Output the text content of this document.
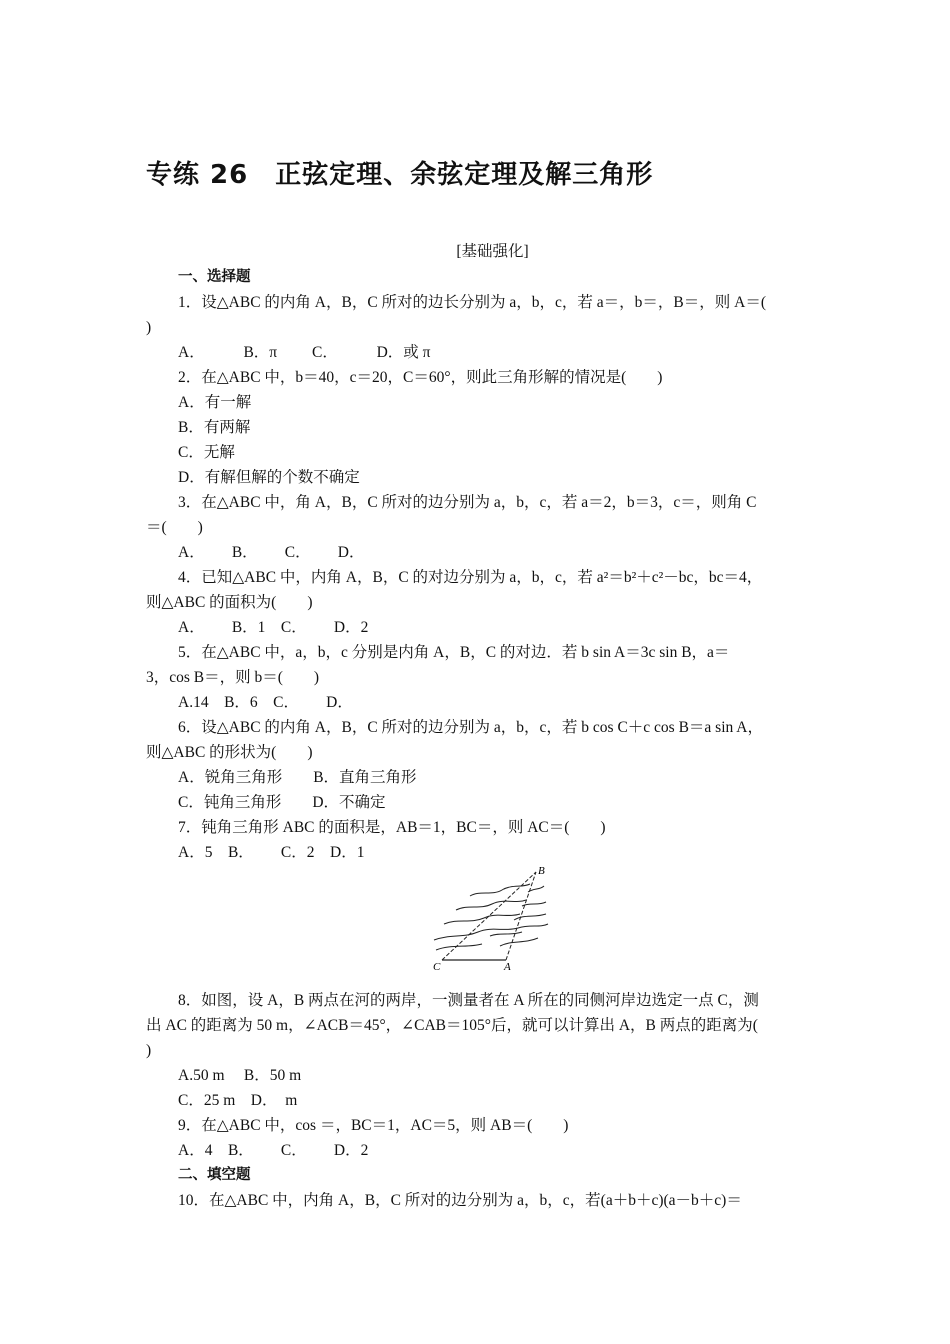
专练 26　正弦定理、余弦定理及解三角形
[基础强化]
一、选择题
1．设△ABC 的内角 A，B，C 所对的边长分别为 a，b，c，若 a＝，b＝，B＝，则 A＝(
)
A．　　　B．π　　 C．　　　D．或 π
2．在△ABC 中，b＝40，c＝20，C＝60°，则此三角形解的情况是(　　)
A．有一解
B．有两解
C．无解
D．有解但解的个数不确定
3．在△ABC 中，角 A，B，C 所对的边分别为 a，b，c，若 a＝2，b＝3，c＝，则角 C
＝(　　)
A．　　 B．　　 C．　　 D．
4．已知△ABC 中，内角 A，B，C 的对边分别为 a，b，c，若 a²＝b²＋c²－bc，bc＝4，
则△ABC 的面积为(　　)
A．　　 B．1　C．　　 D．2
5．在△ABC 中，a，b，c 分别是内角 A，B，C 的对边．若 b sin A＝3c sin B，a＝
3，cos B＝，则 b＝(　　)
A.14　B．6　C．　　 D．
6．设△ABC 的内角 A，B，C 所对的边分别为 a，b，c，若 b cos C＋c cos B＝a sin A，
则△ABC 的形状为(　　)
A．锐角三角形　　B．直角三角形
C．钝角三角形　　D．不确定
7．钝角三角形 ABC 的面积是，AB＝1，BC＝，则 AC＝(　　)
A．5　B．　　 C．2　D．1
B
C	A
8．如图，设 A，B 两点在河的两岸，一测量者在 A 所在的同侧河岸边选定一点 C，测
出 AC 的距离为 50 m，∠ACB＝45°，∠CAB＝105°后，就可以计算出 A，B 两点的距离为(
)
A.50 m　 B．50 m
C．25 m　D．　m
9．在△ABC 中，cos ＝，BC＝1，AC＝5，则 AB＝(　　)
A．4　B．　　 C．　　 D．2
二、填空题
10．在△ABC 中，内角 A，B，C 所对的边分别为 a，b，c，若(a＋b＋c)(a－b＋c)＝
